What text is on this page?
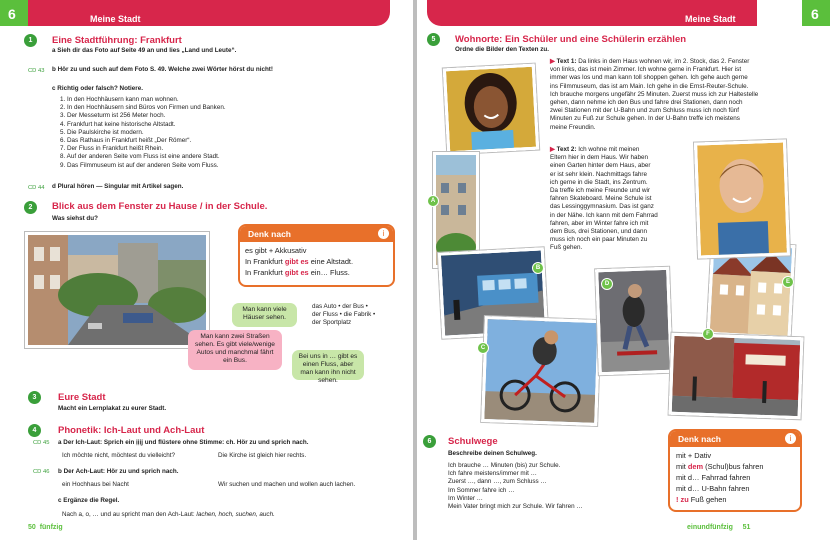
6	Meine Stadt
1	Eine Stadtführung: Frankfurt
a Sieh dir das Foto auf Seite 49 an und lies „Land und Leute“.
CD 43 b Hör zu und such auf dem Foto S. 49. Welche zwei Wörter hörst du nicht!
c Richtig oder falsch? Notiere.
1. In den Hochhäusern kann man wohnen.
2. In den Hochhäusern sind Büros von Firmen und Banken.
3. Der Messeturm ist 256 Meter hoch.
4. Frankfurt hat keine historische Altstadt.
5. Die Paulskirche ist modern.
6. Das Rathaus in Frankfurt heißt „Der Römer“.
7. Der Fluss in Frankfurt heißt Rhein.
8. Auf der anderen Seite vom Fluss ist eine andere Stadt.
9. Das Filmmuseum ist auf der anderen Seite vom Fluss.
CD 44 d Plural hören — Singular mit Artikel sagen.
2	Blick aus dem Fenster zu Hause / in der Schule.
Was siehst du?
Denk nach	i
es gibt + Akkusativ
In Frankfurt gibt es eine Altstadt.
In Frankfurt gibt es ein… Fluss.
Man kann viele Häuser sehen.
Man kann zwei Straßen sehen. Es gibt viele/wenige Autos und manchmal fährt ein Bus.
Bei uns in … gibt es einen Fluss, aber man kann ihn nicht sehen.
das Auto • der Bus •
der Fluss • die Fabrik •
der Sportplatz
3	Eure Stadt
Macht ein Lernplakat zu eurer Stadt.
4	Phonetik: Ich-Laut und Ach-Laut
CD 45 a Der Ich-Laut: Sprich ein ịịịj und flüstere ohne Stimme: ch. Hör zu und sprich nach.
Ich möchte nicht, möchtest du vielleicht?	Die Kirche ist gleich hier rechts.
CD 46 b Der Ach-Laut: Hör zu und sprich nach.
ein Hochhaus bei Nacht	Wir suchen und machen und wollen auch lachen.
c Ergänze die Regel.
Nach a, o, … und au spricht man den Ach-Laut: lachen, hoch, suchen, auch.
50 fünfzig
Meine Stadt	6
5	Wohnorte: Ein Schüler und eine Schülerin erzählen
Ordne die Bilder den Texten zu.
A
B
C
D	E
F
▶ Text 1: Da links in dem Haus wohnen wir, im 2. Stock, das 2. Fenster
von links, das ist mein Zimmer. Ich wohne gerne in Frankfurt. Hier ist
immer was los und man kann toll shoppen gehen. Ich gehe auch gerne
ins Filmmuseum, das ist am Main. Ich gehe in die Ernst-Reuter-Schule.
Ich brauche morgens ungefähr 25 Minuten. Zuerst muss ich zur Haltestelle
gehen, dann nehme ich den Bus und fahre drei Stationen, dann noch
zwei Stationen mit der U-Bahn und zum Schluss muss ich noch fünf
Minuten zu Fuß zur Schule gehen. In der U-Bahn treffe ich meistens
meine Freundin.
▶ Text 2: Ich wohne mit meinen
Eltern hier in dem Haus. Wir haben
einen Garten hinter dem Haus, aber
er ist sehr klein. Nachmittags fahre
ich gerne in die Stadt, ins Zentrum.
Da treffe ich meine Freunde und wir
fahren Skateboard. Meine Schule ist
das Lessinggymnasium. Das ist ganz
in der Nähe. Ich kann mit dem Fahrrad
fahren, aber im Winter fahre ich mit
dem Bus, drei Stationen, und dann
muss ich noch ein paar Minuten zu
Fuß gehen.
6	Schulwege
Beschreibe deinen Schulweg.
Ich brauche … Minuten (bis) zur Schule.
Ich fahre meistens/immer mit …
Zuerst …, dann …, zum Schluss …
Im Sommer fahre ich …
Im Winter …
Mein Vater bringt mich zur Schule. Wir fahren …
Denk nach	i
mit + Dativ
mit dem (Schul)bus fahren
mit d… Fahrrad fahren
mit d… U-Bahn fahren
! zu Fuß gehen
einundfünfzig 51
